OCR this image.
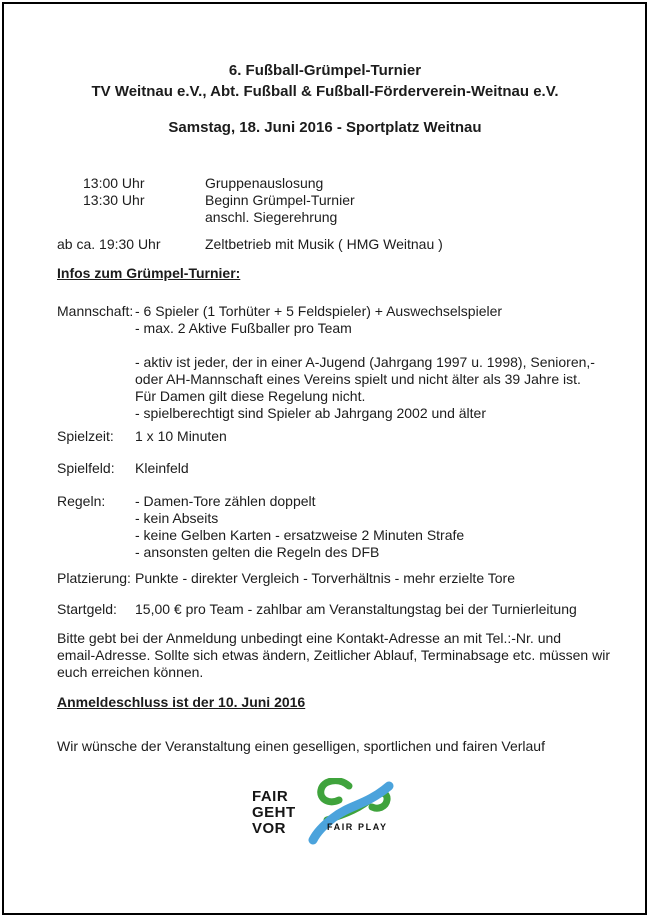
6. Fußball-Grümpel-Turnier
TV Weitnau e.V., Abt. Fußball & Fußball-Förderverein-Weitnau e.V.
Samstag, 18. Juni 2016 - Sportplatz Weitnau
13:00 Uhr	Gruppenauslosung
13:30 Uhr	Beginn Grümpel-Turnier
anschl. Siegerehrung
ab ca. 19:30 Uhr	Zeltbetrieb mit Musik ( HMG Weitnau )
Infos zum Grümpel-Turnier:
Mannschaft: - 6 Spieler (1 Torhüter + 5 Feldspieler) + Auswechselspieler
- max. 2 Aktive Fußballer pro Team
- aktiv ist jeder, der in einer A-Jugend (Jahrgang 1997 u. 1998), Senioren,-
oder AH-Mannschaft eines Vereins spielt und nicht älter als 39 Jahre ist.
Für Damen gilt diese Regelung nicht.
- spielberechtigt sind Spieler ab Jahrgang 2002 und älter
Spielzeit: 1 x 10 Minuten
Spielfeld: Kleinfeld
Regeln: - Damen-Tore zählen doppelt
- kein Abseits
- keine Gelben Karten - ersatzweise 2 Minuten Strafe
- ansonsten gelten die Regeln des DFB
Platzierung: Punkte - direkter Vergleich - Torverhältnis - mehr erzielte Tore
Startgeld: 15,00 € pro Team - zahlbar am Veranstaltungstag bei der Turnierleitung
Bitte gebt bei der Anmeldung unbedingt eine Kontakt-Adresse an mit Tel.:-Nr. und
email-Adresse. Sollte sich etwas ändern, Zeitlicher Ablauf, Terminabsage etc. müssen wir
euch erreichen können.
Anmeldeschluss ist der 10. Juni 2016
Wir wünsche der Veranstaltung einen geselligen, sportlichen und fairen Verlauf
FAIR
GEHT
VOR	FAIR PLAY
